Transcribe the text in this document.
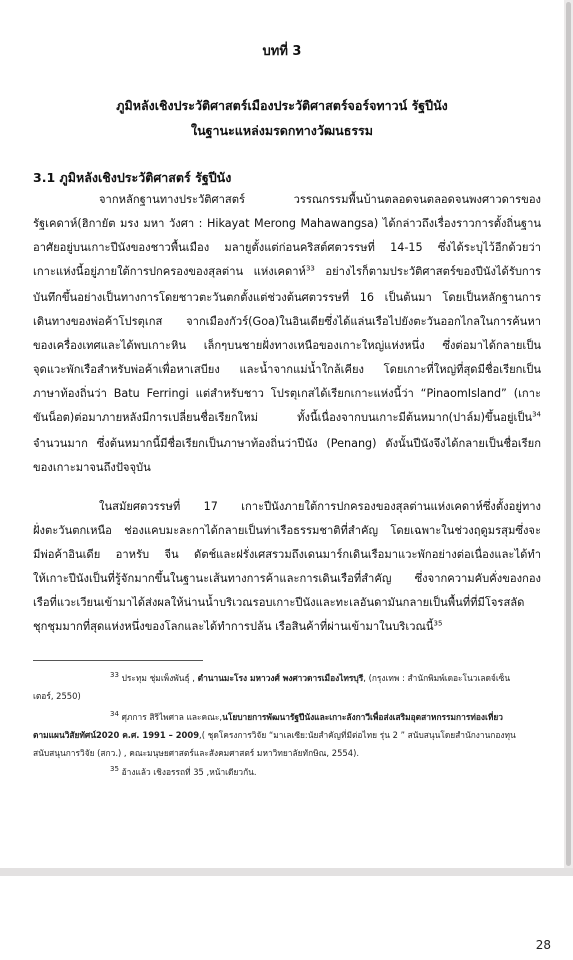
บทที่ 3
ภูมิหลังเชิงประวัติศาสตร์เมืองประวัติศาสตร์จอร์จทาวน์ รัฐปีนัง
ในฐานะแหล่งมรดกทางวัฒนธรรม
3.1 ภูมิหลังเชิงประวัติศาสตร์ รัฐปีนัง
จากหลักฐานทางประวัติศาสตร์ วรรณกรรมพื้นบ้านตลอดจนตลอดจนพงศาวดารของ
รัฐเคดาห์(ฮิกายัต มรง มหา วังศา : Hikayat Merong Mahawangsa) ได้กล่าวถึงเรื่องราวการตั้งถิ่นฐาน
อาศัยอยู่บนเกาะปีนังของชาวพื้นเมือง มลายูตั้งแต่ก่อนคริสต์ศตวรรษที่ 14-15 ซึ่งได้ระบุไว้อีกด้วยว่า
เกาะแห่งนี้อยู่ภายใต้การปกครองของสุลต่าน แห่งเคดาห์$^{33}$ อย่างไรก็ตามประวัติศาสตร์ของปีนังได้รับการ
บันทึกขึ้นอย่างเป็นทางการโดยชาวตะวันตกตั้งแต่ช่วงต้นศตวรรษที่ 16 เป็นต้นมา โดยเป็นหลักฐานการ
เดินทางของพ่อค้าโปรตุเกส จากเมืองกัวร์(Goa)ในอินเดียซึ่งได้แล่นเรือไปยังตะวันออกไกลในการค้นหา
ของเครื่องเทศและได้พบเกาะหิน เล็กๆบนชายฝั่งทางเหนือของเกาะใหญ่แห่งหนึ่ง ซึ่งต่อมาได้กลายเป็น
จุดแวะพักเรือสำหรับพ่อค้าเพื่อหาเสบียง และน้ำจากแม่น้ำใกล้เคียง โดยเกาะที่ใหญ่ที่สุดมีชื่อเรียกเป็น
ภาษาท้องถิ่นว่า Batu Ferringi แต่สำหรับชาว โปรตุเกสได้เรียกเกาะแห่งนี้ว่า “PinaomIsland” (เกาะ
ขันน็อต)ต่อมาภายหลังมีการเปลี่ยนชื่อเรียกใหม่ ทั้งนี้เนื่องจากบนเกาะมีต้นหมาก(ปาล์ม)ขึ้นอยู่เป็น$^{34}$
จำนวนมาก ซึ่งต้นหมากนี้มีชื่อเรียกเป็นภาษาท้องถิ่นว่าปีนัง (Penang) ดังนั้นปีนังจึงได้กลายเป็นชื่อเรียก
ของเกาะมาจนถึงปัจจุบัน
ในสมัยศตวรรษที่ 17 เกาะปีนังภายใต้การปกครองของสุลต่านแห่งเคดาห์ซึ่งตั้งอยู่ทาง
ฝั่งตะวันตกเหนือ ช่องแคบมะละกาได้กลายเป็นท่าเรือธรรมชาติที่สำคัญ โดยเฉพาะในช่วงฤดูมรสุมซึ่งจะ
มีพ่อค้าอินเดีย อาหรับ จีน ดัตช์และฝรั่งเศสรวมถึงเดนมาร์กเดินเรือมาแวะพักอย่างต่อเนื่องและได้ทำ
ให้เกาะปีนังเป็นที่รู้จักมากขึ้นในฐานะเส้นทางการค้าและการเดินเรือที่สำคัญ ซึ่งจากความคับคั่งของกอง
เรือที่แวะเวียนเข้ามาได้ส่งผลให้น่านน้ำบริเวณรอบเกาะปีนังและทะเลอันดามันกลายเป็นพื้นที่ที่มีโจรสลัด
ชุกชุมมากที่สุดแห่งหนึ่งของโลกและได้ทำการปล้น เรือสินค้าที่ผ่านเข้ามาในบริเวณนี้$^{35}$
$^{33}$ ประทุม ชุ่มเพ็งพันธุ์ , ตำนานมะโรง มหาวงศ์ พงศาวดารเมืองไทรบุรี, (กรุงเทพ : สำนักพิมพ์เดอะโนวเลดจ์เซ็น
เตอร์, 2550)
$^{34}$ ศุภการ สิริไพศาล และคณะ,นโยบายการพัฒนารัฐปีนังและเกาะลังกาวีเพื่อส่งเสริมอุตสาหกรรมการท่องเที่ยว
ตามแผนวิสัยทัศน์2020 ค.ศ. 1991 – 2009,( ชุดโครงการวิจัย “มาเลเซีย:นัยสำคัญที่มีต่อไทย รุ่น 2 ” สนับสนุนโดยสำนักงานกองทุน
สนับสนุนการวิจัย (สกว.) , คณะมนุษยศาสตร์และสังคมศาสตร์ มหาวิทยาลัยทักษิณ, 2554).
$^{35}$ อ้างแล้ว เชิงอรรถที่ 35 ,หน้าเดียวกัน.
28
